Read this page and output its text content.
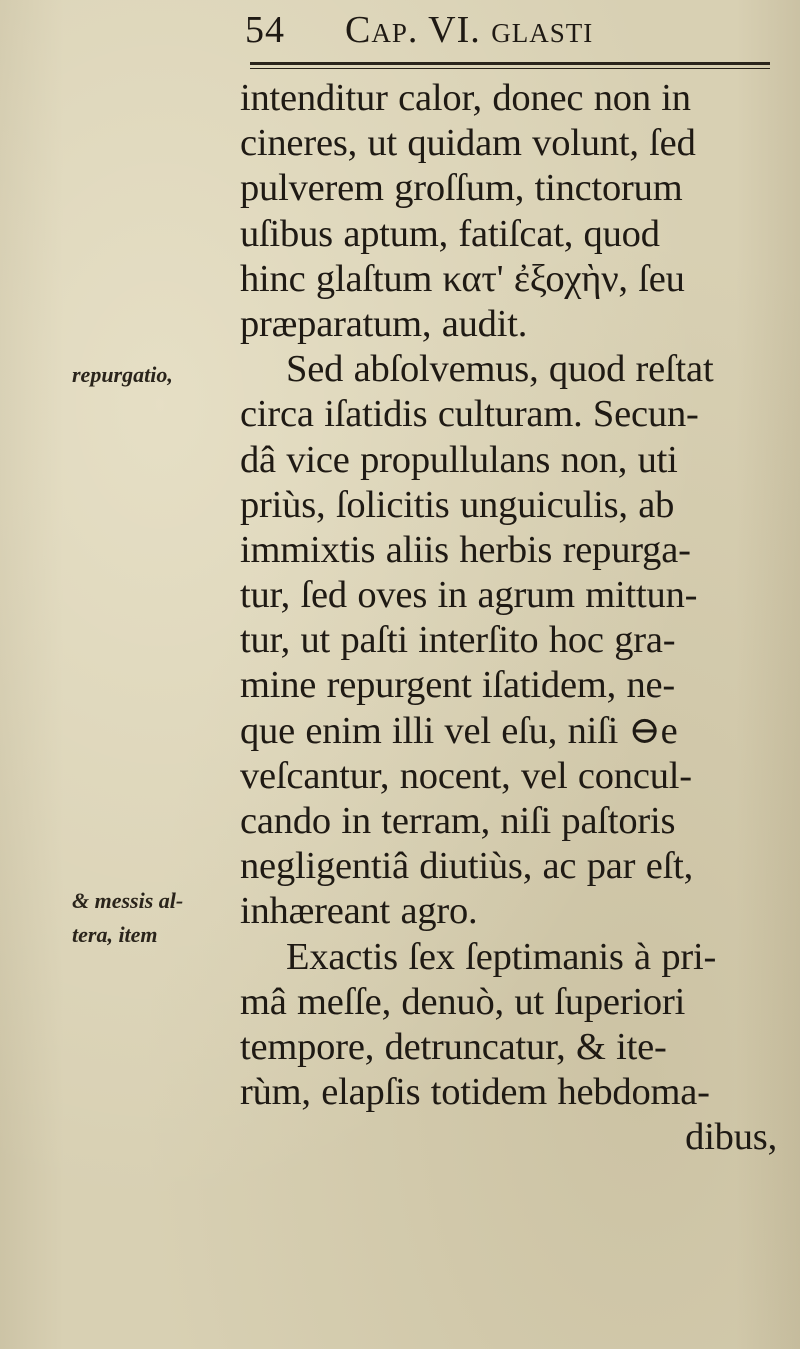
54 Cap. VI. glasti
repurgatio,
& messis al-
tera, item
intenditur calor, donec non in
cineres, ut quidam volunt, ſed
pulverem groſſum, tinctorum
uſibus aptum, fatiſcat, quod
hinc glaſtum κατ' ἐξοχὴν, ſeu
præparatum, audit.
Sed abſolvemus, quod reſtat
circa iſatidis culturam. Secun-
dâ vice propullulans non, uti
priùs, ſolicitis unguiculis, ab
immixtis aliis herbis repurga-
tur, ſed oves in agrum mittun-
tur, ut paſti interſito hoc gra-
mine repurgent iſatidem, ne-
que enim illi vel eſu, niſi ⊖e
veſcantur, nocent, vel concul-
cando in terram, niſi paſtoris
negligentiâ diutiùs, ac par eſt,
inhæreant agro.
Exactis ſex ſeptimanis à pri-
mâ meſſe, denuò, ut ſuperiori
tempore, detruncatur, & ite-
rùm, elapſis totidem hebdoma-
dibus,
